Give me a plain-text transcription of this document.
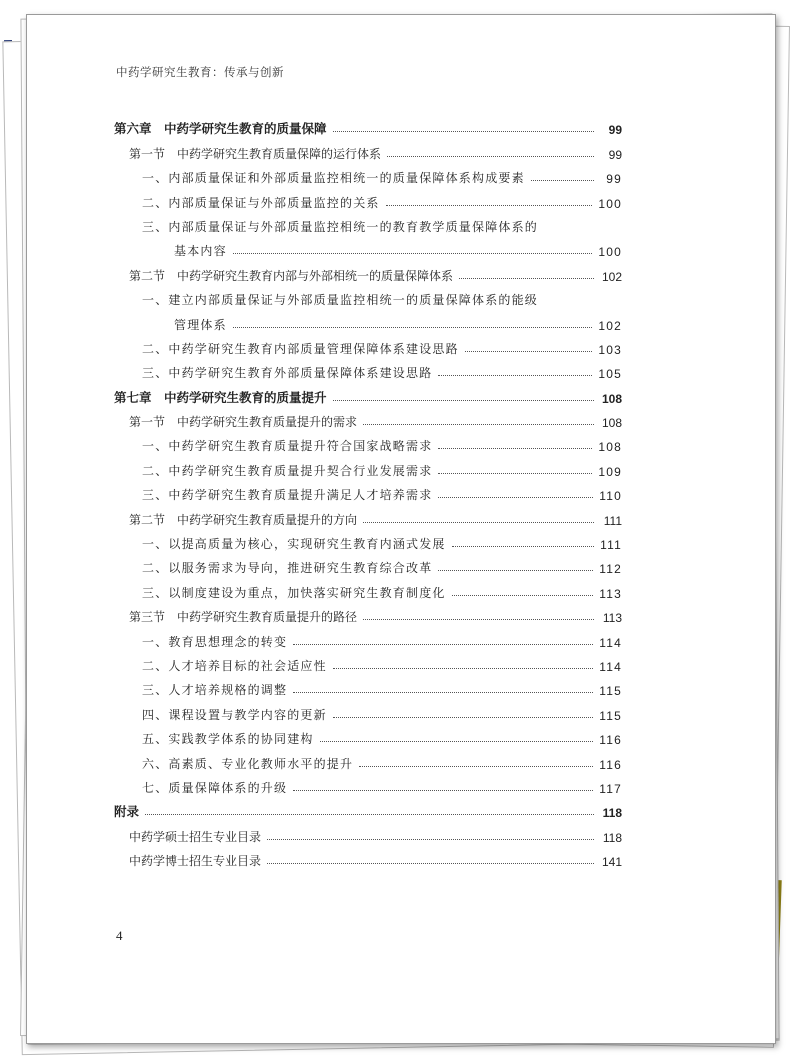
中药学研究生教育：传承与创新
第六章　中药学研究生教育的质量保障	99
第一节　中药学研究生教育质量保障的运行体系	99
一、内部质量保证和外部质量监控相统一的质量保障体系构成要素	99
二、内部质量保证与外部质量监控的关系	100
三、内部质量保证与外部质量监控相统一的教育教学质量保障体系的
基本内容	100
第二节　中药学研究生教育内部与外部相统一的质量保障体系	102
一、建立内部质量保证与外部质量监控相统一的质量保障体系的能级
管理体系	102
二、中药学研究生教育内部质量管理保障体系建设思路	103
三、中药学研究生教育外部质量保障体系建设思路	105
第七章　中药学研究生教育的质量提升	108
第一节　中药学研究生教育质量提升的需求	108
一、中药学研究生教育质量提升符合国家战略需求	108
二、中药学研究生教育质量提升契合行业发展需求	109
三、中药学研究生教育质量提升满足人才培养需求	110
第二节　中药学研究生教育质量提升的方向	111
一、以提高质量为核心，实现研究生教育内涵式发展	111
二、以服务需求为导向，推进研究生教育综合改革	112
三、以制度建设为重点，加快落实研究生教育制度化	113
第三节　中药学研究生教育质量提升的路径	113
一、教育思想理念的转变	114
二、人才培养目标的社会适应性	114
三、人才培养规格的调整	115
四、课程设置与教学内容的更新	115
五、实践教学体系的协同建构	116
六、高素质、专业化教师水平的提升	116
七、质量保障体系的升级	117
附录	118
中药学硕士招生专业目录	118
中药学博士招生专业目录	141
4
